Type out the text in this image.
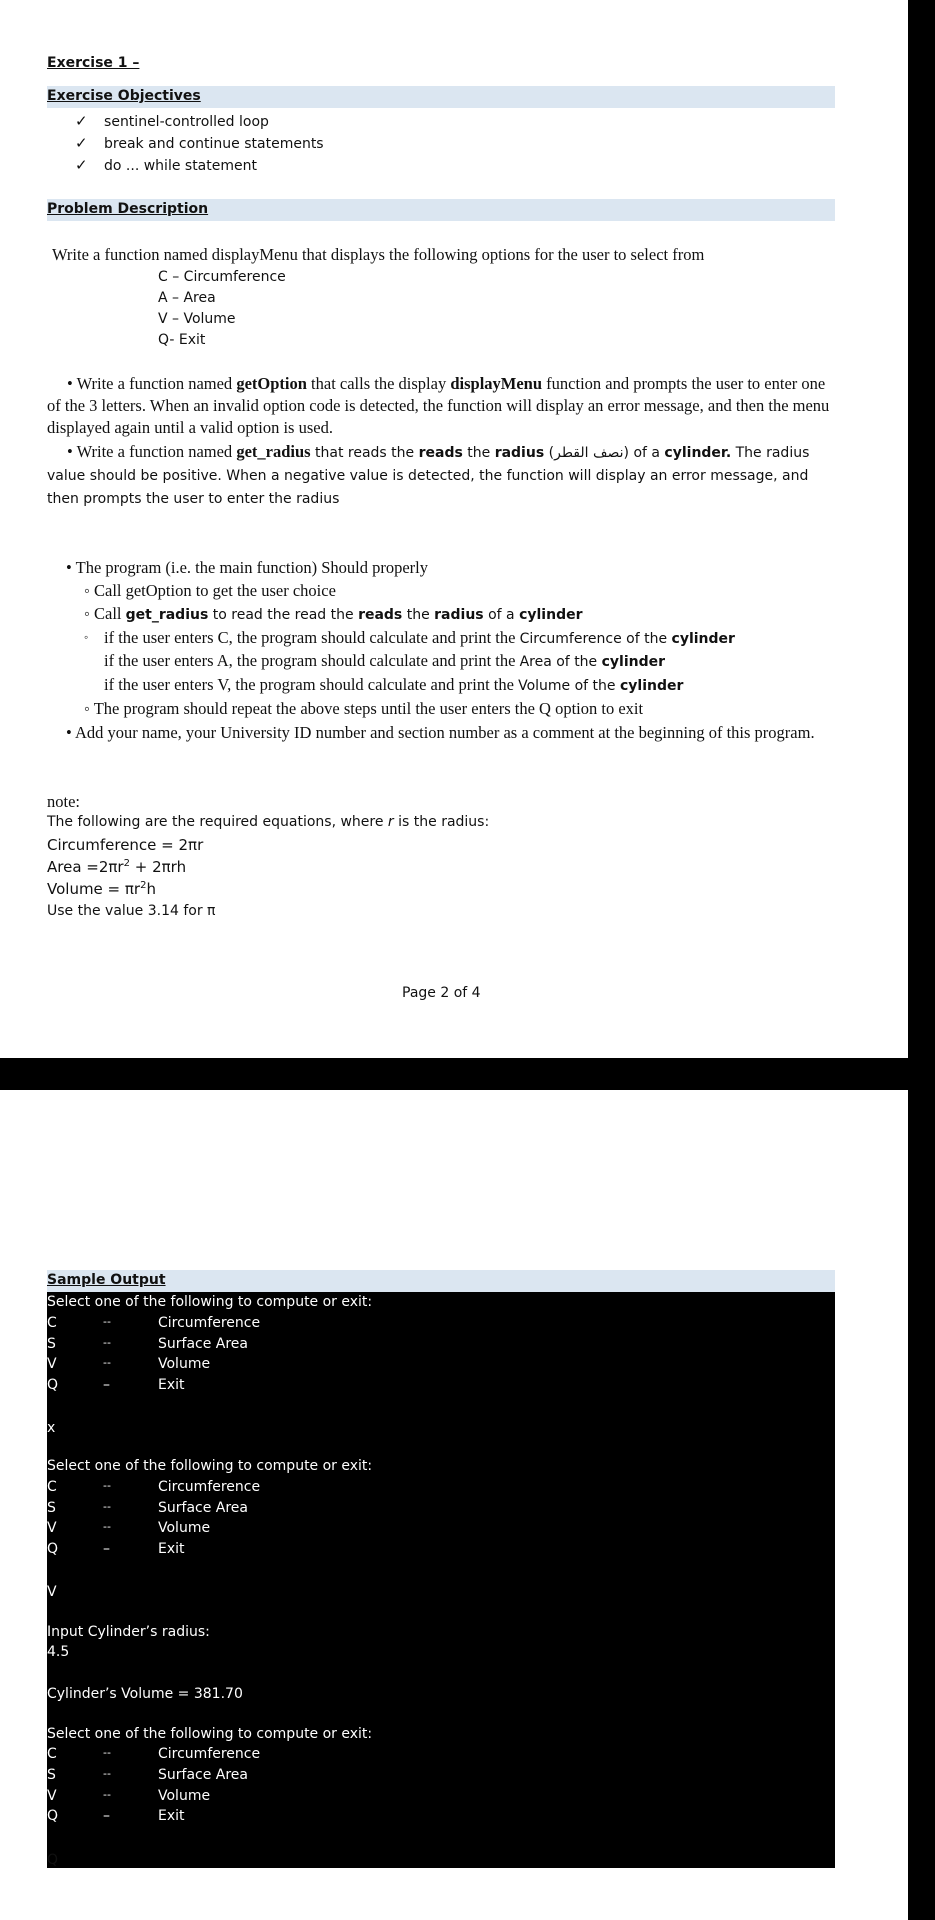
Exercise 1 –
Exercise Objectives
✓ sentinel-controlled loop
✓ break and continue statements
✓ do ... while statement
Problem Description
Write a function named displayMenu that displays the following options for the user to select from
C – Circumference
A – Area
V – Volume
Q- Exit
• Write a function named getOption that calls the display displayMenu function and prompts the user to enter one of the 3 letters. When an invalid option code is detected, the function will display an error message, and then the menu displayed again until a valid option is used.
• Write a function named get_radius that reads the reads the radius (نصف القطر) of a cylinder. The radius value should be positive. When a negative value is detected, the function will display an error message, and then prompts the user to enter the radius
• The program (i.e. the main function) Should properly
◦ Call getOption to get the user choice
◦ Call get_radius to read the read the reads the radius of a cylinder
◦ if the user enters C, the program should calculate and print the Circumference of the cylinder
if the user enters A, the program should calculate and print the Area of the cylinder
if the user enters V, the program should calculate and print the Volume of the cylinder
◦ The program should repeat the above steps until the user enters the Q option to exit
• Add your name, your University ID number and section number as a comment at the beginning of this program.
note:
The following are the required equations, where r is the radius:
Circumference = 2πr
Area $=2\pi r^2 + 2\pi rh$
Volume = $\pi r^2h$
Use the value 3.14 for π
Page 2 of 4
Sample Output
Select one of the following to compute or exit:
C	--	Circumference
S	--	Surface Area
V	--	Volume
Q	–	Exit
x
Select one of the following to compute or exit:
C	--	Circumference
S	--	Surface Area
V	--	Volume
Q	–	Exit
V
Input Cylinder’s radius:
4.5
Cylinder’s Volume = 381.70
Select one of the following to compute or exit:
C	--	Circumference
S	--	Surface Area
V	--	Volume
Q	–	Exit
Q
